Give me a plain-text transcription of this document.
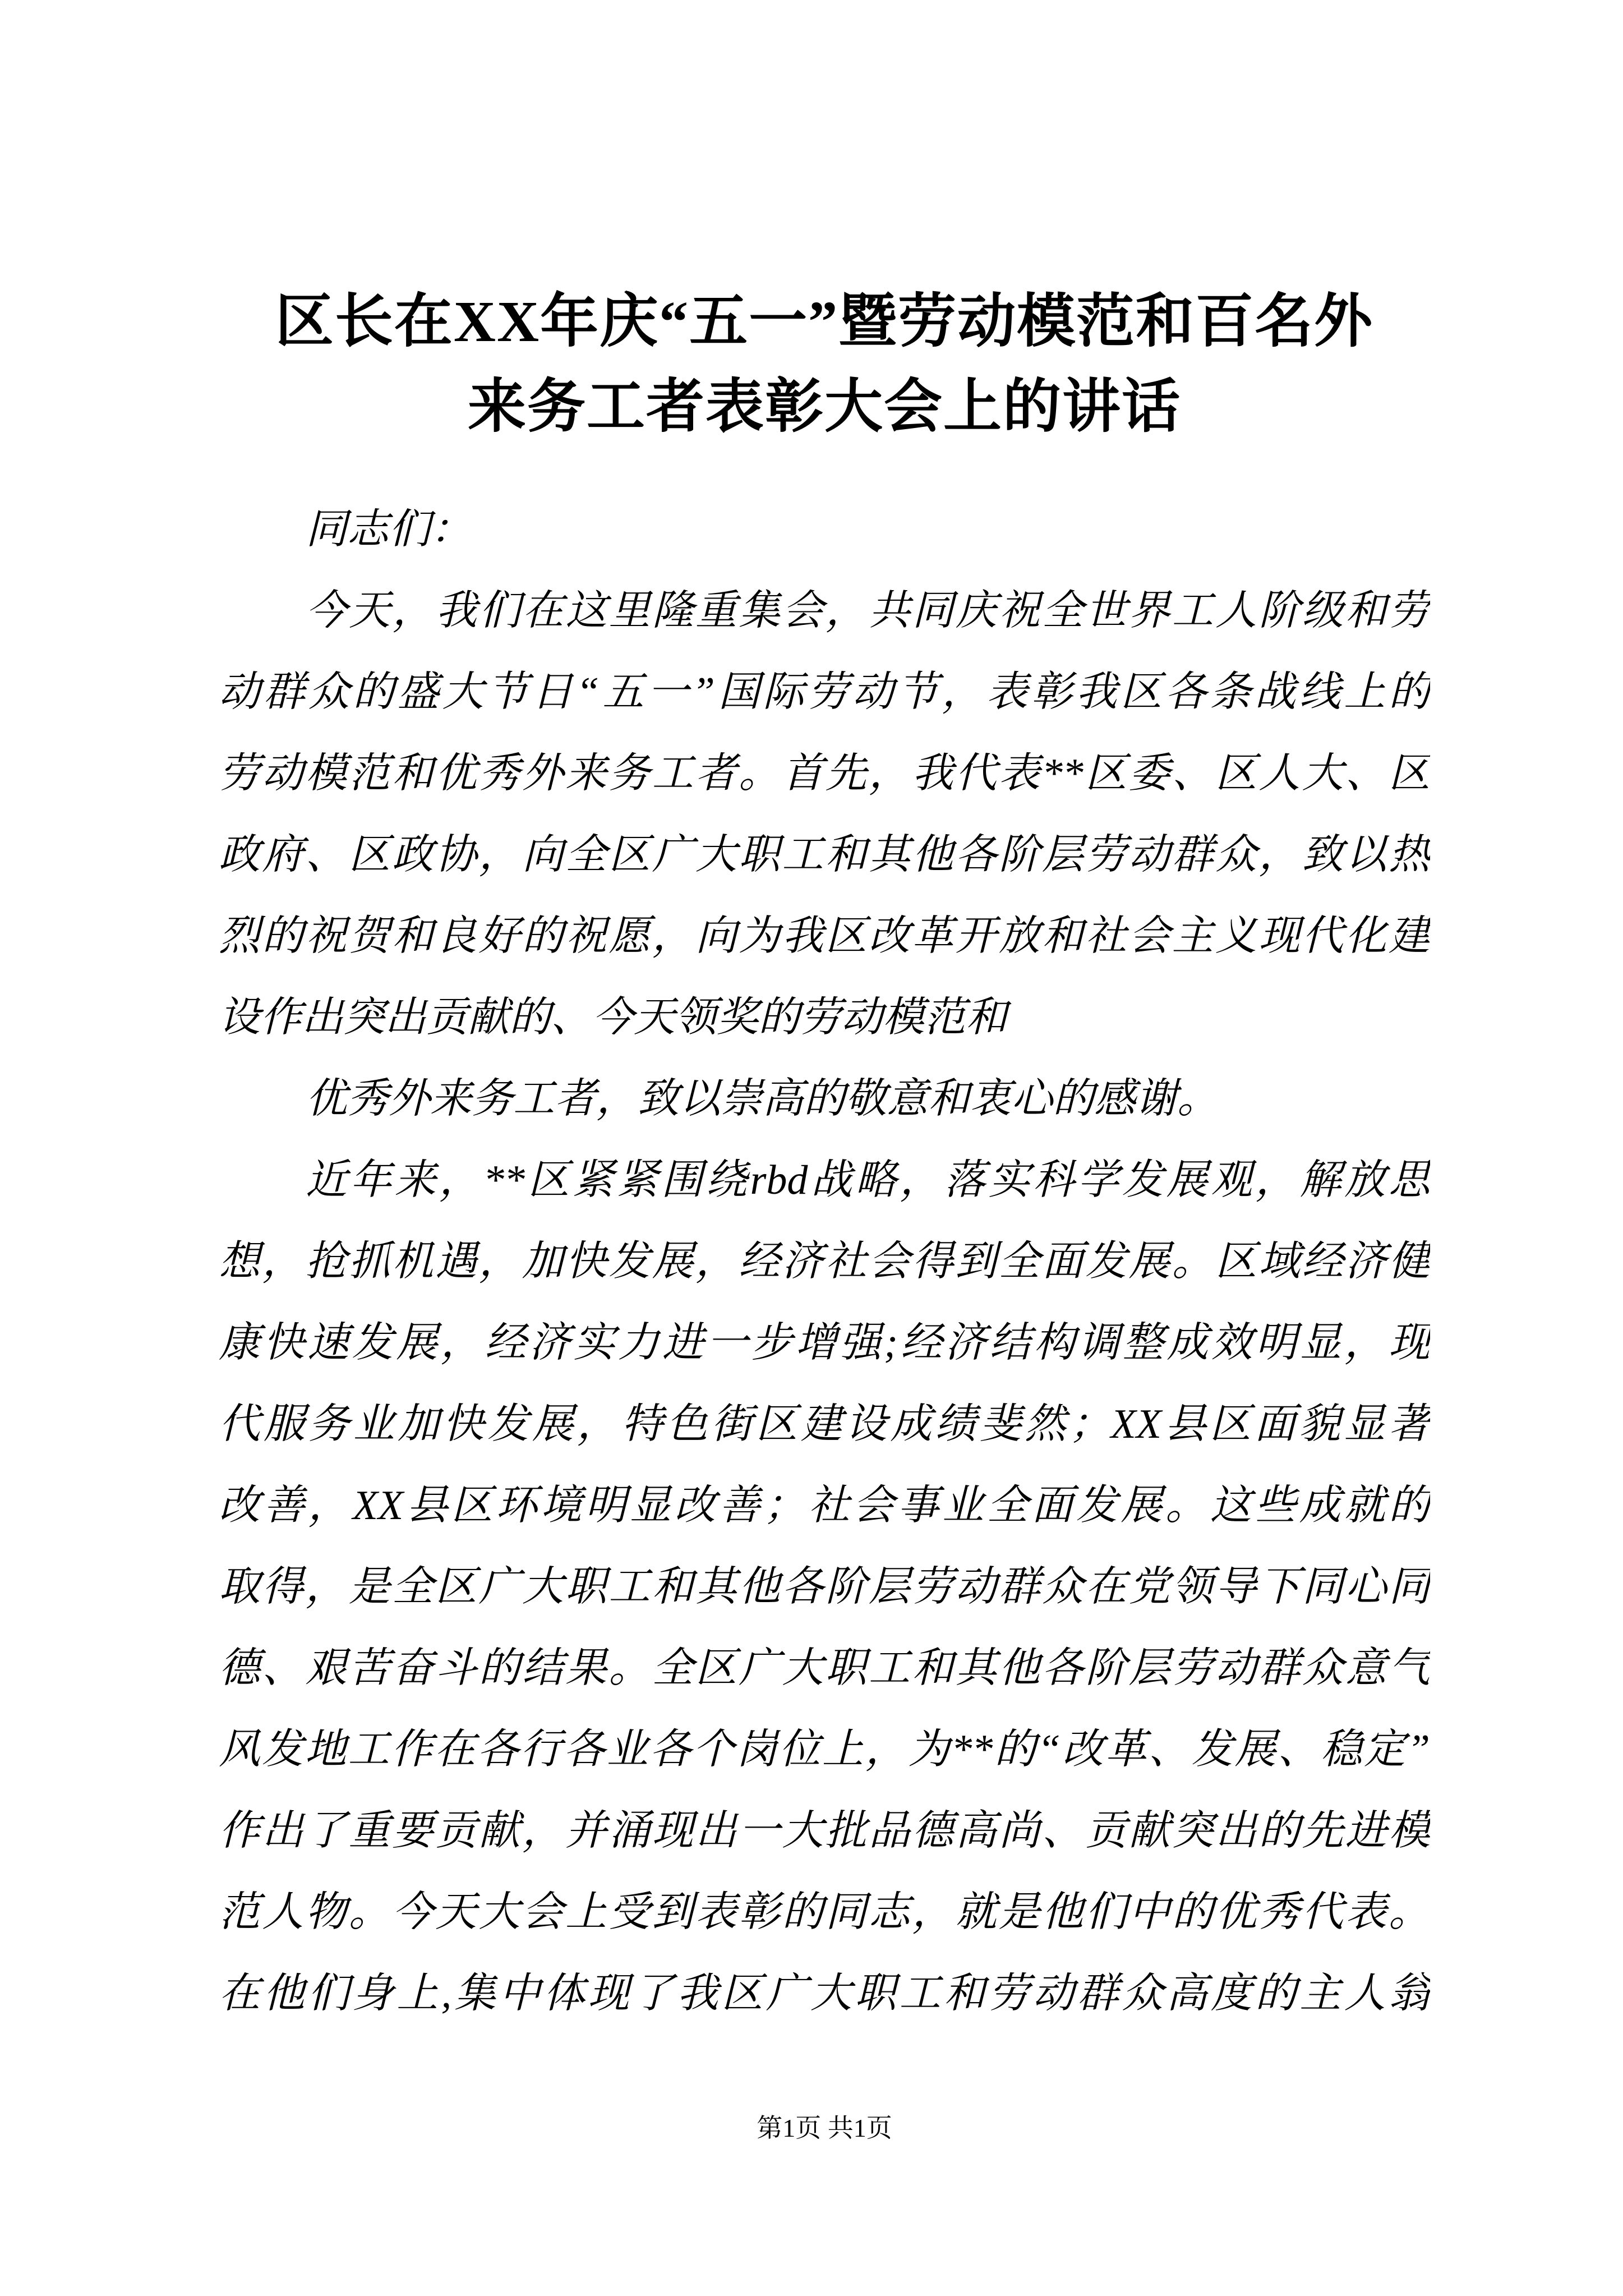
区长在XX年庆“五一”暨劳动模范和百名外
来务工者表彰大会上的讲话
同志们：
今天，我们在这里隆重集会，共同庆祝全世界工人阶级和劳
动群众的盛大节日“五一”国际劳动节，表彰我区各条战线上的
劳动模范和优秀外来务工者。首先，我代表**区委、区人大、区
政府、区政协，向全区广大职工和其他各阶层劳动群众，致以热
烈的祝贺和良好的祝愿，向为我区改革开放和社会主义现代化建
设作出突出贡献的、今天领奖的劳动模范和
优秀外来务工者，致以崇高的敬意和衷心的感谢。
近年来，**区紧紧围绕rbd战略，落实科学发展观，解放思
想，抢抓机遇，加快发展，经济社会得到全面发展。区域经济健
康快速发展，经济实力进一步增强;经济结构调整成效明显，现
代服务业加快发展，特色街区建设成绩斐然；XX县区面貌显著
改善，XX县区环境明显改善；社会事业全面发展。这些成就的
取得，是全区广大职工和其他各阶层劳动群众在党领导下同心同
德、艰苦奋斗的结果。全区广大职工和其他各阶层劳动群众意气
风发地工作在各行各业各个岗位上，为**的“改革、发展、稳定”
作出了重要贡献，并涌现出一大批品德高尚、贡献突出的先进模
范人物。今天大会上受到表彰的同志，就是他们中的优秀代表。
在他们身上,集中体现了我区广大职工和劳动群众高度的主人翁
第1页 共1页
